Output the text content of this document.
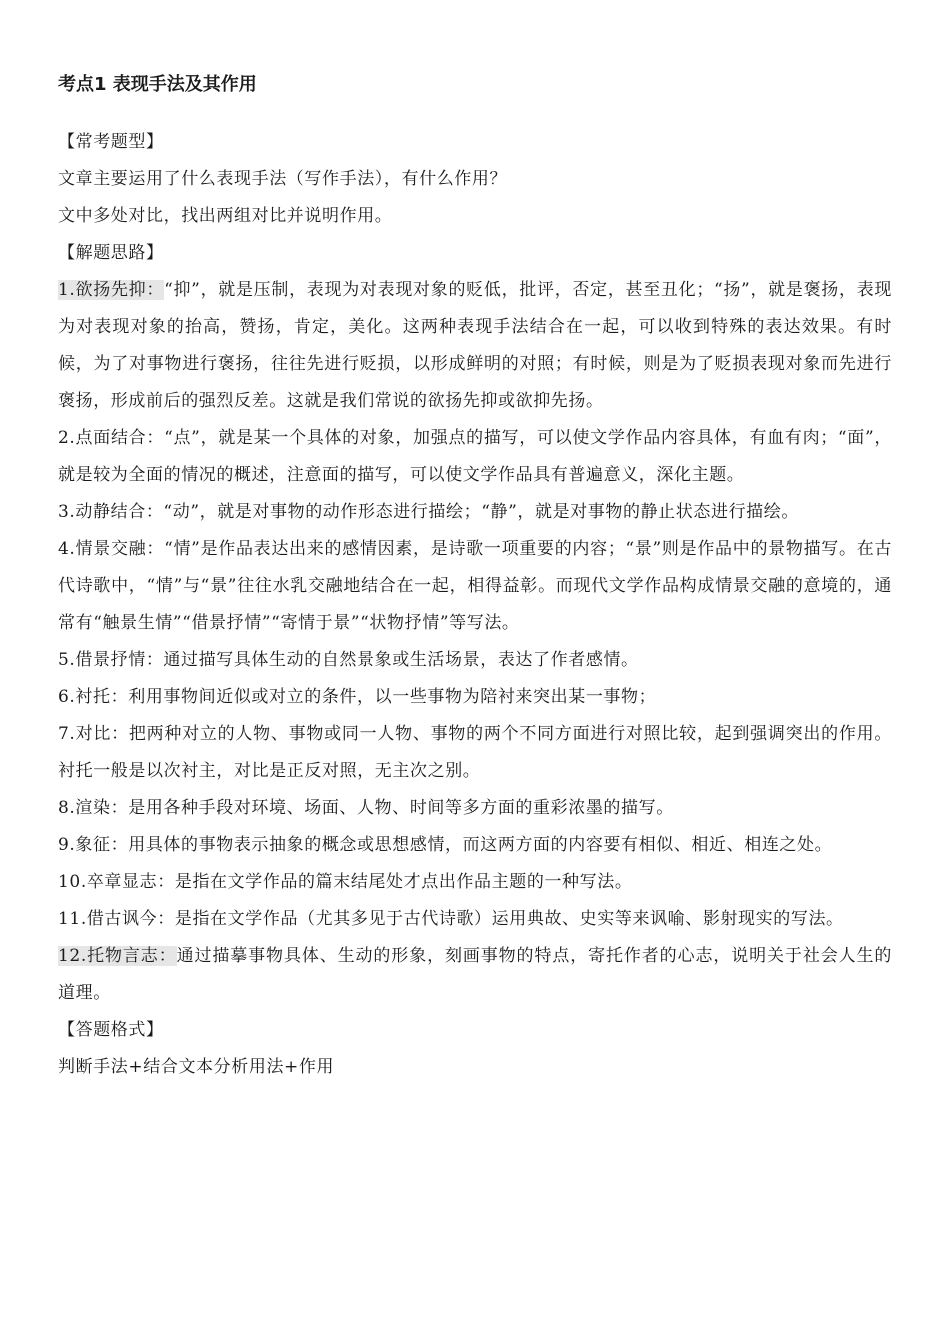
考点1 表现手法及其作用

【常考题型】

文章主要运用了什么表现手法（写作手法），有什么作用？

文中多处对比，找出两组对比并说明作用。

【解题思路】

1.欲扬先抑：“抑”，就是压制，表现为对表现对象的贬低，批评，否定，甚至丑化；“扬”，就是褒扬，表现为对表现对象的抬高，赞扬，肯定，美化。这两种表现手法结合在一起，可以收到特殊的表达效果。有时候，为了对事物进行褒扬，往往先进行贬损，以形成鲜明的对照；有时候，则是为了贬损表现对象而先进行褒扬，形成前后的强烈反差。这就是我们常说的欲扬先抑或欲抑先扬。

2.点面结合：“点”，就是某一个具体的对象，加强点的描写，可以使文学作品内容具体，有血有肉；“面”，就是较为全面的情况的概述，注意面的描写，可以使文学作品具有普遍意义，深化主题。

3.动静结合：“动”，就是对事物的动作形态进行描绘；“静”，就是对事物的静止状态进行描绘。

4.情景交融：“情”是作品表达出来的感情因素，是诗歌一项重要的内容；“景”则是作品中的景物描写。在古代诗歌中，“情”与“景”往往水乳交融地结合在一起，相得益彰。而现代文学作品构成情景交融的意境的，通常有“触景生情”“借景抒情”“寄情于景”“状物抒情”等写法。

5.借景抒情：通过描写具体生动的自然景象或生活场景，表达了作者感情。

6.衬托：利用事物间近似或对立的条件，以一些事物为陪衬来突出某一事物；

7.对比：把两种对立的人物、事物或同一人物、事物的两个不同方面进行对照比较，起到强调突出的作用。衬托一般是以次衬主，对比是正反对照，无主次之别。

8.渲染：是用各种手段对环境、场面、人物、时间等多方面的重彩浓墨的描写。

9.象征：用具体的事物表示抽象的概念或思想感情，而这两方面的内容要有相似、相近、相连之处。

10.卒章显志：是指在文学作品的篇末结尾处才点出作品主题的一种写法。

11.借古讽今：是指在文学作品（尤其多见于古代诗歌）运用典故、史实等来讽喻、影射现实的写法。

12.托物言志：通过描摹事物具体、生动的形象，刻画事物的特点，寄托作者的心志，说明关于社会人生的道理。

【答题格式】

判断手法+结合文本分析用法+作用
